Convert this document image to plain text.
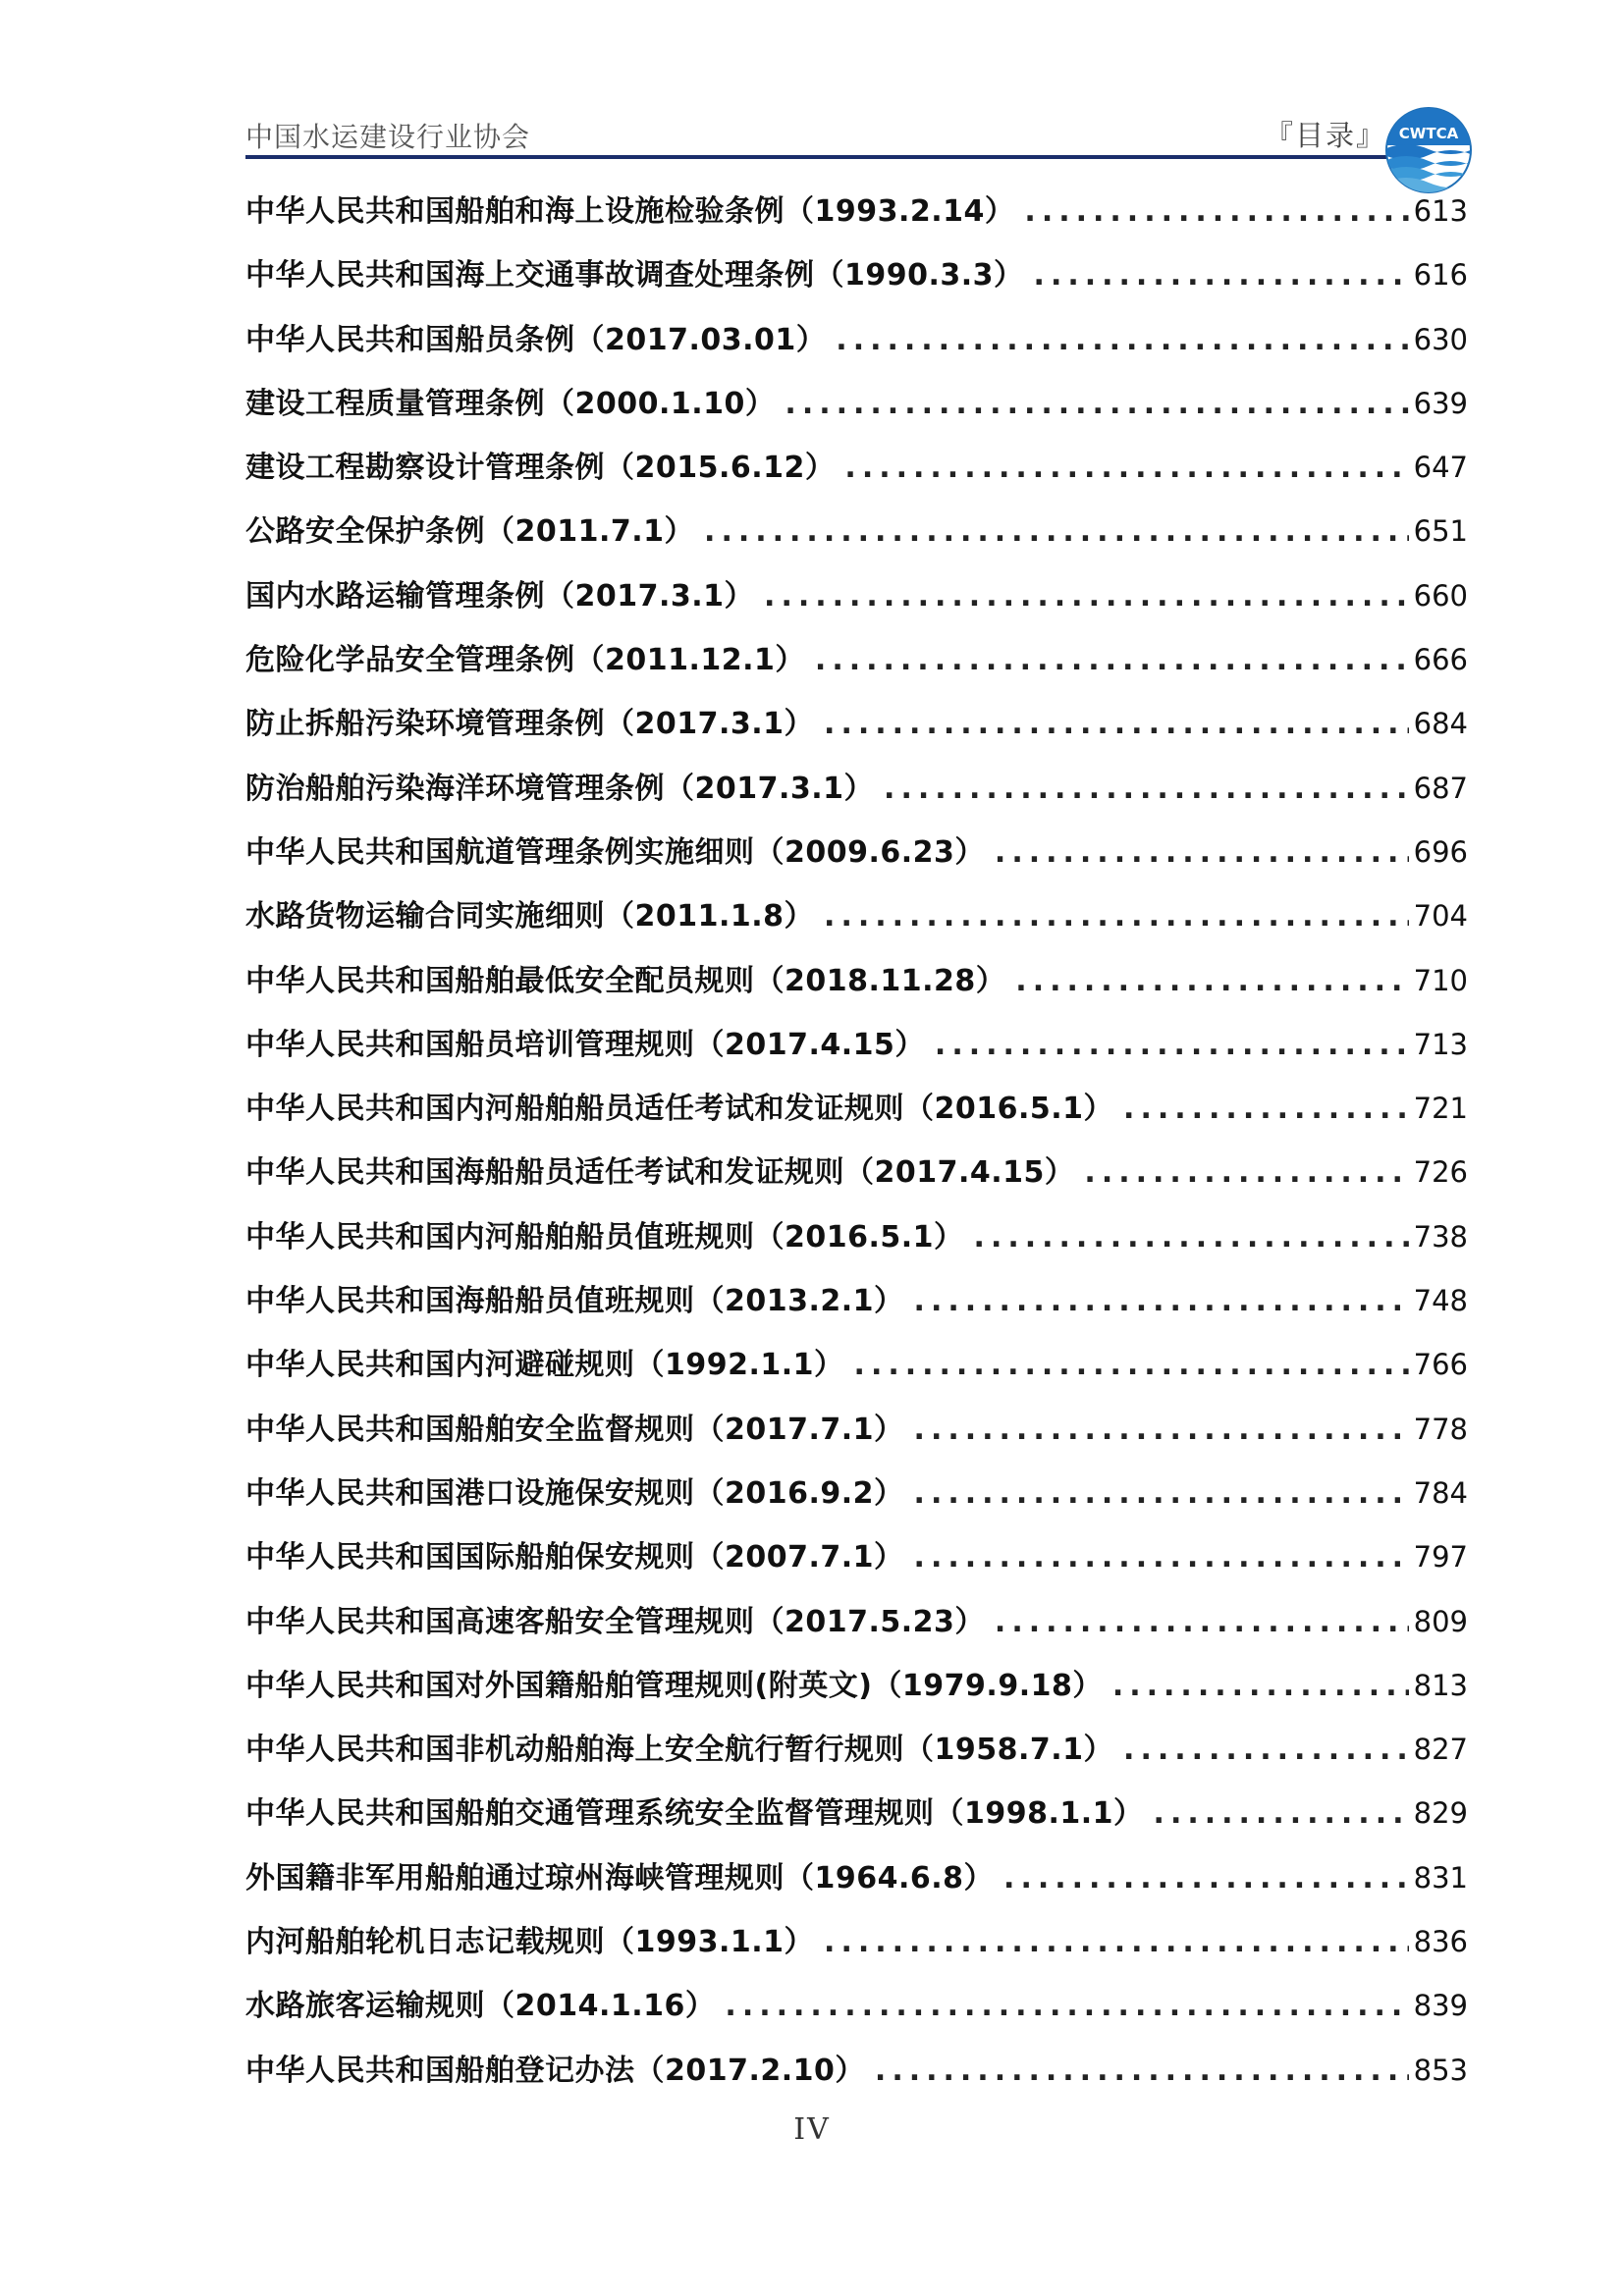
中国水运建设行业协会	『目录』 CWTCA
中华人民共和国船舶和海上设施检验条例（1993.2.14） .....	613
中华人民共和国海上交通事故调查处理条例（1990.3.3） .....	616
中华人民共和国船员条例（2017.03.01） .....	630
建设工程质量管理条例（2000.1.10） .....	639
建设工程勘察设计管理条例（2015.6.12） .....	647
公路安全保护条例（2011.7.1） .....	651
国内水路运输管理条例（2017.3.1） .....	660
危险化学品安全管理条例（2011.12.1） .....	666
防止拆船污染环境管理条例（2017.3.1） .....	684
防治船舶污染海洋环境管理条例（2017.3.1） .....	687
中华人民共和国航道管理条例实施细则（2009.6.23） .....	696
水路货物运输合同实施细则（2011.1.8） .....	704
中华人民共和国船舶最低安全配员规则（2018.11.28） .....	710
中华人民共和国船员培训管理规则（2017.4.15） .....	713
中华人民共和国内河船舶船员适任考试和发证规则（2016.5.1） .....	721
中华人民共和国海船船员适任考试和发证规则（2017.4.15） .....	726
中华人民共和国内河船舶船员值班规则（2016.5.1） .....	738
中华人民共和国海船船员值班规则（2013.2.1） .....	748
中华人民共和国内河避碰规则（1992.1.1） .....	766
中华人民共和国船舶安全监督规则（2017.7.1） .....	778
中华人民共和国港口设施保安规则（2016.9.2） .....	784
中华人民共和国国际船舶保安规则（2007.7.1） .....	797
中华人民共和国高速客船安全管理规则（2017.5.23） .....	809
中华人民共和国对外国籍船舶管理规则(附英文)（1979.9.18） .....	813
中华人民共和国非机动船舶海上安全航行暂行规则（1958.7.1） .....	827
中华人民共和国船舶交通管理系统安全监督管理规则（1998.1.1） .....	829
外国籍非军用船舶通过琼州海峡管理规则（1964.6.8） .....	831
内河船舶轮机日志记载规则（1993.1.1） .....	836
水路旅客运输规则（2014.1.16） .....	839
中华人民共和国船舶登记办法（2017.2.10） .....	853
IV
